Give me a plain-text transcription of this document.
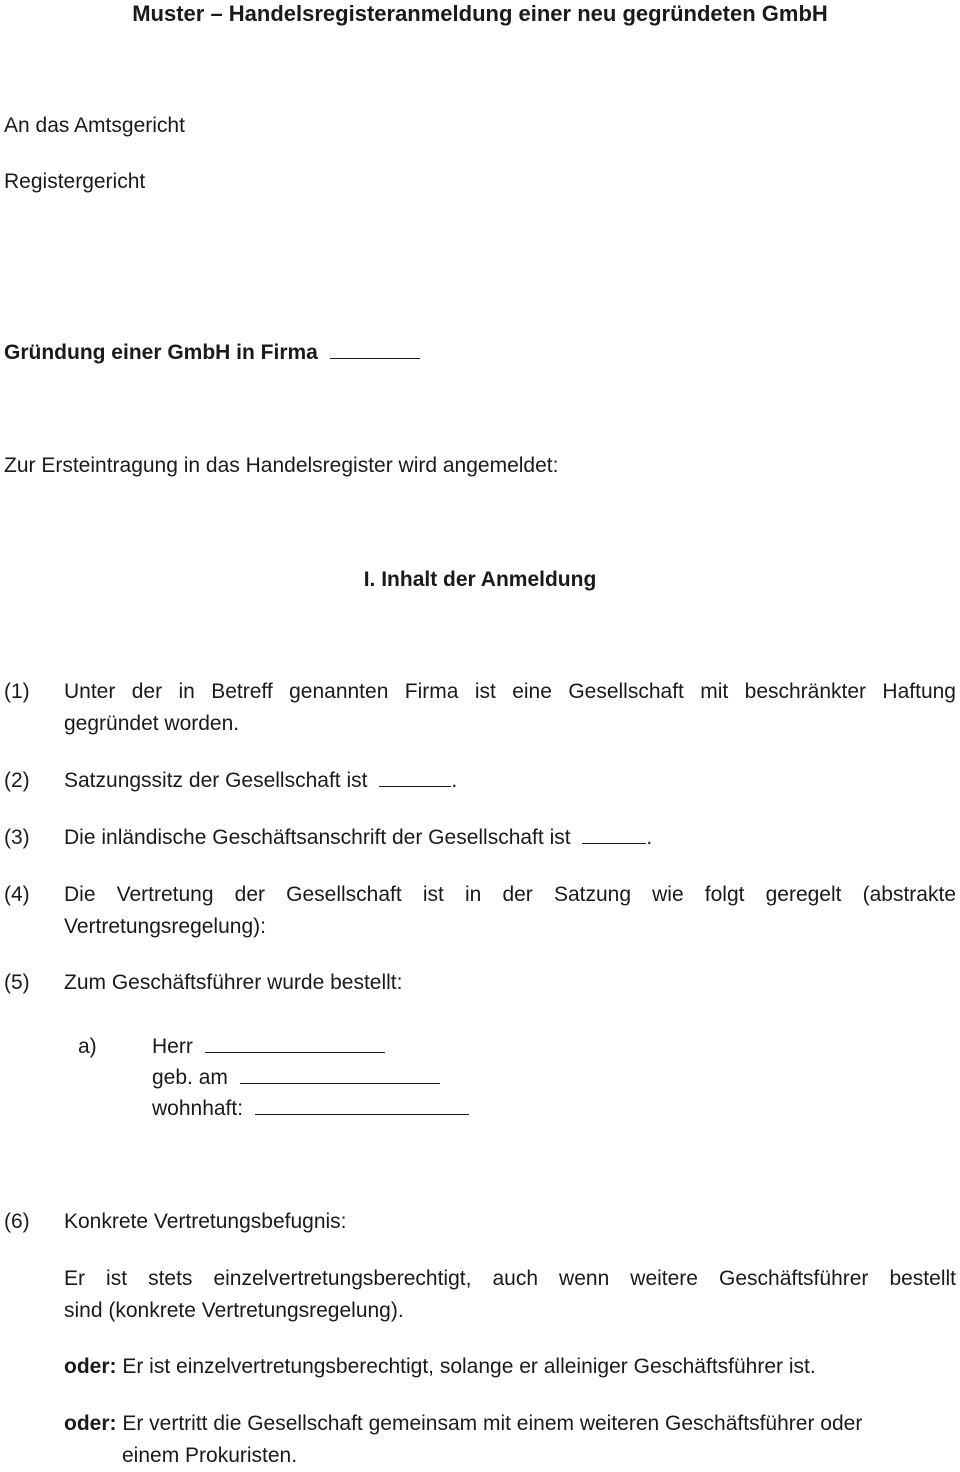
Muster – Handelsregisteranmeldung einer neu gegründeten GmbH
An das Amtsgericht
Registergericht
Gründung einer GmbH in Firma
Zur Ersteintragung in das Handelsregister wird angemeldet:
I. Inhalt der Anmeldung
(1) Unter der in Betreff genannten Firma ist eine Gesellschaft mit beschränkter Haftung
gegründet worden.
(2) Satzungssitz der Gesellschaft ist	.
(3) Die inländische Geschäftsanschrift der Gesellschaft ist	.
(4) Die Vertretung der Gesellschaft ist in der Satzung wie folgt geregelt (abstrakte
Vertretungsregelung):
(5) Zum Geschäftsführer wurde bestellt:
a)	Herr
geb. am
wohnhaft:
(6) Konkrete Vertretungsbefugnis:
Er ist stets einzelvertretungsberechtigt, auch wenn weitere Geschäftsführer bestellt
sind (konkrete Vertretungsregelung).
oder: Er ist einzelvertretungsberechtigt, solange er alleiniger Geschäftsführer ist.
oder: Er vertritt die Gesellschaft gemeinsam mit einem weiteren Geschäftsführer oder
einem Prokuristen.
